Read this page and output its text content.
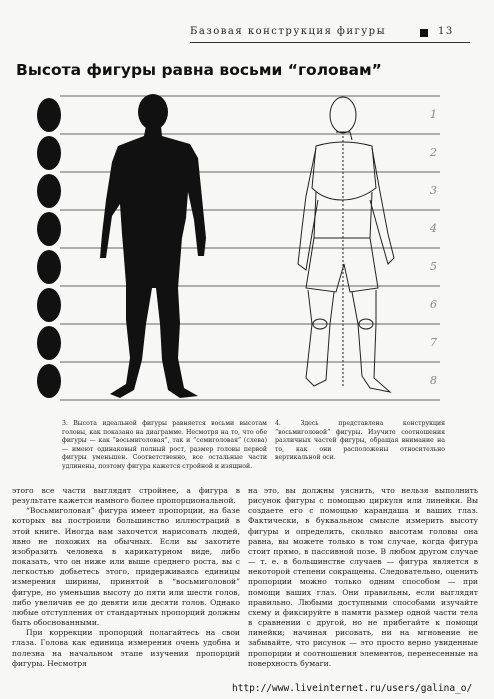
Базовая конструкция фигуры	13
Высота фигуры равна восьми “головам”
1
2
3
4
5
6
7
8
3. Высота идеальной фигуры равняется восьми высотам головы, как показано на диаграмме. Несмотря на то, что обе фигуры — как “восьмиголовая”, так и “семиголовая” (слева) — имеют одинаковый полный рост, размер головы первой фигуры уменьшен. Соответственно, все остальные части удлинены, поэтому фигура кажется стройной и изящной.
4. Здесь представлена конструкция “восьмиголовой” фигуры. Изучите соотношения различных частей фигуры, обращая внимание на то, как они расположены относительно вертикальной оси.

этого все части выглядят стройнее, а фигура в результате кажется намного более пропорциональной.

“Восьмиголовая” фигура имеет пропорции, на базе которых вы построили большинство иллюстраций в этой книге. Иногда вам захочется нарисовать людей, явно не похожих на обычных. Если вы захотите изобразить человека в карикатурном виде, либо показать, что он ниже или выше среднего роста, вы с легкостью добьетесь этого, придерживаясь единицы измерения ширины, принятой в “восьмиголовой” фигуре, но уменьшив высоту до пяти или шести голов, либо увеличив ее до девяти или десяти голов. Однако любые отступления от стандартных пропорций должны быть обоснованными.

При коррекции пропорций полагайтесь на свои глаза. Голова как единица измерения очень удобна и полезна на начальном этапе изучения пропорций фигуры. Несмотря

на это, вы должны уяснить, что нельзя выполнить рисунок фигуры с помощью циркуля или линейки. Вы создаете его с помощью карандаша и ваших глаз. Фактически, в буквальном смысле измерить высоту фигуры и определить, сколько высотам головы она равна, вы можете только в том случае, когда фигура стоит прямо, в пассивной позе. В любом другом случае — т. е. в большинстве случаев — фигура является в некоторой степени сокращены. Следовательно, оценить пропорции можно только одним способом — при помощи ваших глаз. Они правильны, если выглядят правильно. Любыми доступными способами изучайте схему и фиксируйте в памяти размер одной части тела в сравнении с другой, но не прибегайте к помощи линейки; начиная рисовать, ни на мгновение не забывайте, что рисунок — это просто верно увиденные пропорции и соотношения элементов, перенесенные на поверхность бумаги.

http://www.liveinternet.ru/users/galina_o/
